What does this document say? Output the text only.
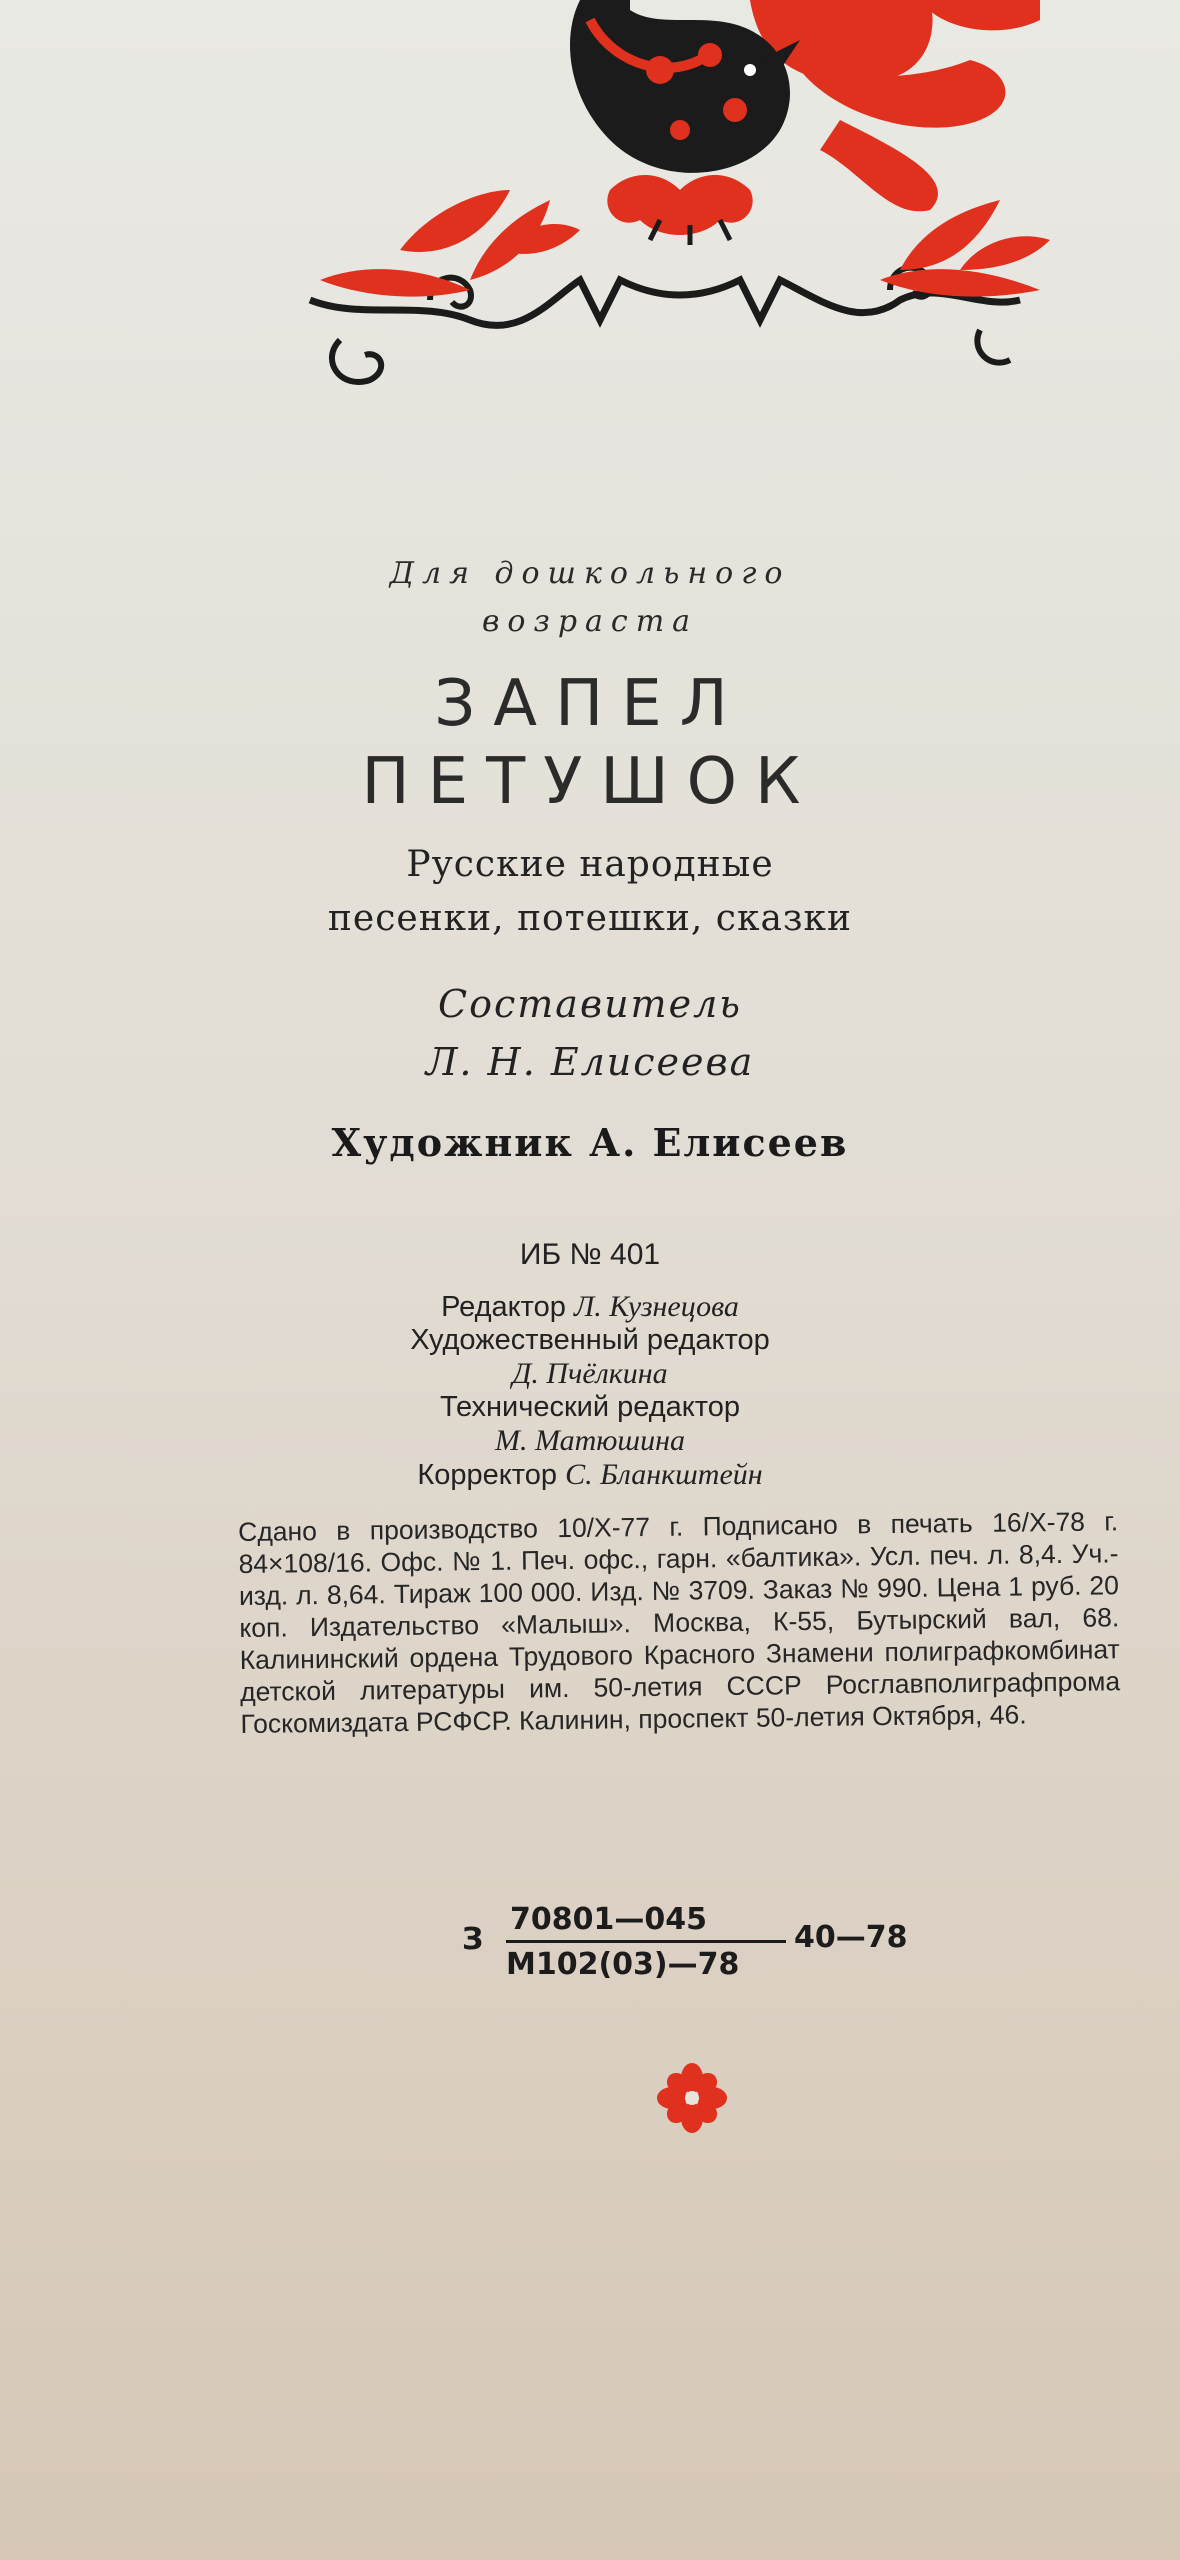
Для дошкольного
возраста
ЗАПЕЛ
ПЕТУШОК
Русские народные
песенки, потешки, сказки
Составитель
Л. Н. Елисеева
Художник А. Елисеев
ИБ № 401
Редактор Л. Кузнецова
Художественный редактор
Д. Пчёлкина
Технический редактор
М. Матюшина
Корректор С. Бланкштейн
Сдано в производство 10/X-77 г. Подписано в печать 16/X-78 г. 84×108/16. Офс. № 1. Печ. офс., гарн. «балтика». Усл. печ. л. 8,4. Уч.-изд. л. 8,64. Тираж 100 000. Изд. № 3709. Заказ № 990. Цена 1 руб. 20 коп. Издательство «Малыш». Москва, К-55, Бутырский вал, 68. Калининский ордена Трудового Красного Знамени полиграфкомбинат детской литературы им. 50-летия СССР Росглавполиграфпрома Госкомиздата РСФСР. Калинин, проспект 50-летия Октября, 46.
З
70801—045
М102(03)—78
40—78
